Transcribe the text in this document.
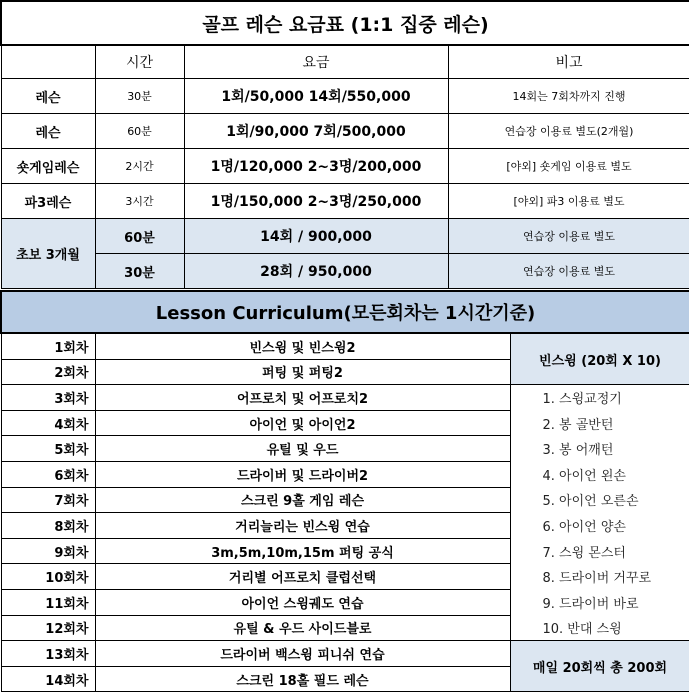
골프 레슨 요금표 (1:1 집중 레슨)			
	시간	요금	비고
레슨	30분	1회/50,000 14회/550,000	14회는 7회차까지 진행
레슨	60분	1회/90,000 7회/500,000	연습장 이용료 별도(2개월)
숏게임레슨	2시간	1명/120,000 2~3명/200,000	[야외] 숏게임 이용료 별도
파3레슨	3시간	1명/150,000 2~3명/250,000	[야외] 파3 이용료 별도
초보 3개월	60분	14회 / 900,000	연습장 이용료 별도
	30분	28회 / 950,000	연습장 이용료 별도
Lesson Curriculum(모든회차는 1시간기준)		
1회차	빈스윙 및 빈스윙2	빈스윙 (20회 X 10)
2회차	퍼팅 및 퍼팅2	
3회차	어프로치 및 어프로치2	1. 스윙교정기
4회차	아이언 및 아이언2	2. 봉 골반턴
5회차	유틸 및 우드	3. 봉 어깨턴
6회차	드라이버 및 드라이버2	4. 아이언 왼손
7회차	스크린 9홀 게임 레슨	5. 아이언 오른손
8회차	거리늘리는 빈스윙 연습	6. 아이언 양손
9회차	3m,5m,10m,15m 퍼팅 공식	7. 스윙 몬스터
10회차	거리별 어프로치 클럽선택	8. 드라이버 거꾸로
11회차	아이언 스윙궤도 연습	9. 드라이버 바로
12회차	유틸 & 우드 사이드블로	10. 반대 스윙
13회차	드라이버 백스윙 피니쉬 연습	매일 20회씩 총 200회
14회차	스크린 18홀 필드 레슨	
